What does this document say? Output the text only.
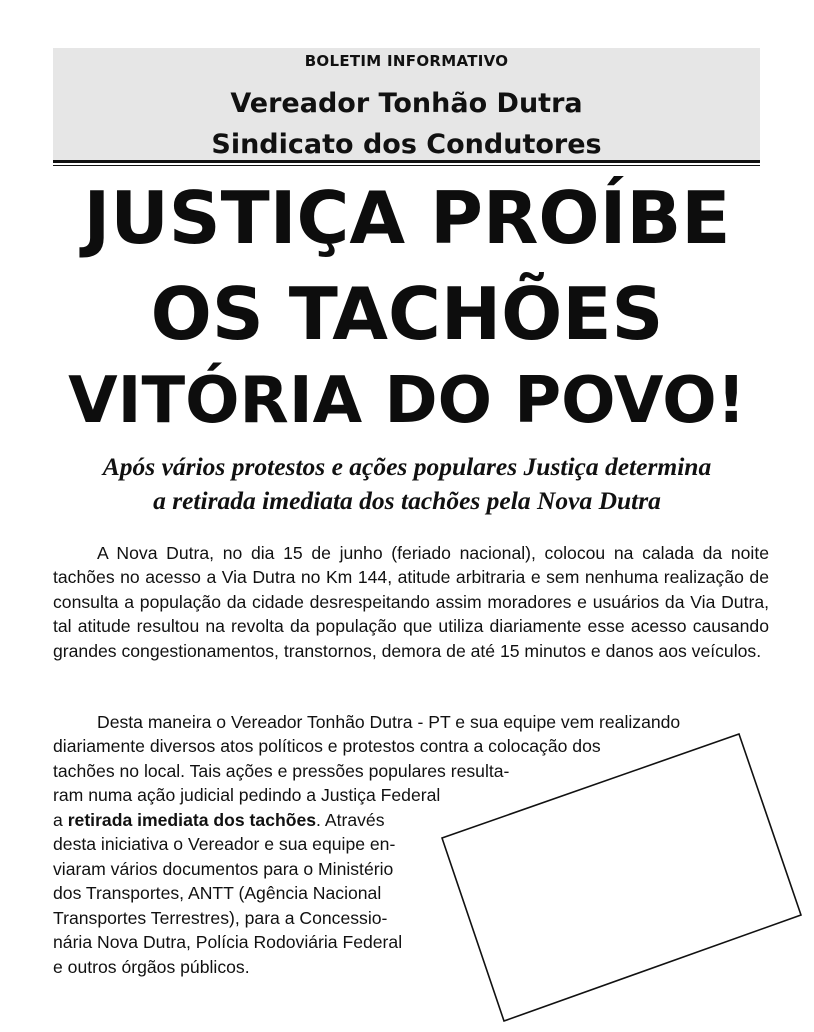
BOLETIM INFORMATIVO
Vereador Tonhão Dutra
Sindicato dos Condutores
JUSTIÇA PROÍBE
OS TACHÕES
VITÓRIA DO POVO!
Após vários protestos e ações populares Justiça determina
a retirada imediata dos tachões pela Nova Dutra
A Nova Dutra, no dia 15 de junho (feriado nacional), colocou na calada da noite tachões no acesso a Via Dutra no Km 144, atitude arbitraria e sem nenhuma realização de consulta a população da cidade desrespeitando assim moradores e usuários da Via Dutra, tal atitude resultou na revolta da população que utiliza diariamente esse acesso causando grandes congestionamentos, transtornos, demora de até 15 minutos e danos aos veículos.
Desta maneira o Vereador Tonhão Dutra - PT e sua equipe vem realizando
diariamente diversos atos políticos e protestos contra a colocação dos
tachões no local. Tais ações e pressões populares resulta-
ram numa ação judicial pedindo a Justiça Federal
a retirada imediata dos tachões. Através
desta iniciativa o Vereador e sua equipe en-
viaram vários documentos para o Ministério
dos Transportes, ANTT (Agência Nacional
Transportes Terrestres), para a Concessio-
nária Nova Dutra, Polícia Rodoviária Federal
e outros órgãos públicos.
